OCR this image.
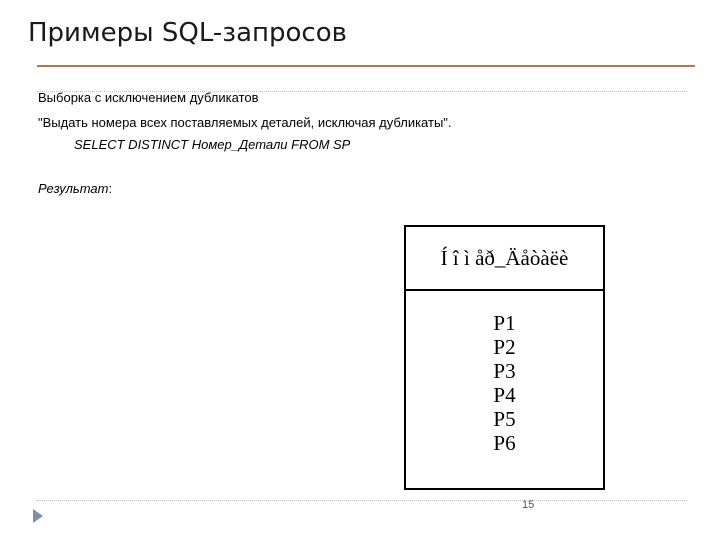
Примеры SQL-запросов
Выборка с исключением дубликатов
"Выдать номера всех поставляемых деталей, исключая дубликаты".
SELECT DISTINCT Номер_Детали FROM SP
Результат:
Í î ì åð_Äåòàëè
P1
P2
P3
P4
P5
P6
15
